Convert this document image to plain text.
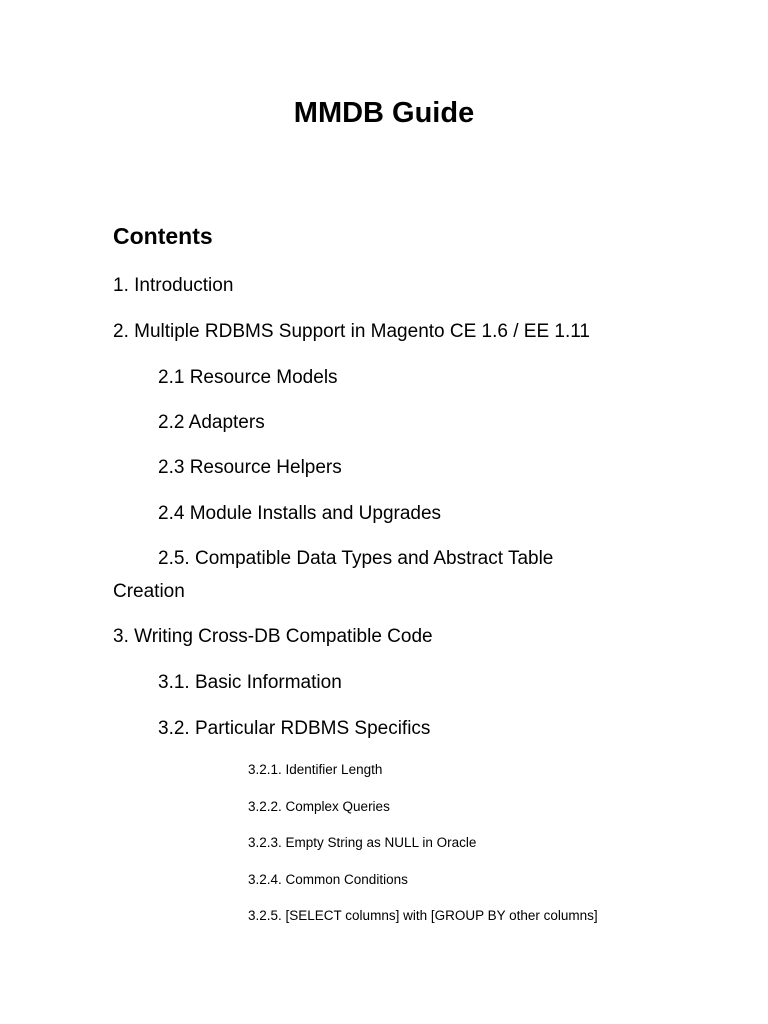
MMDB Guide
Contents

1. Introduction

2. Multiple RDBMS Support in Magento CE 1.6 / EE 1.11

2.1 Resource Models

2.2 Adapters

2.3 Resource Helpers

2.4 Module Installs and Upgrades

2.5. Compatible Data Types and Abstract Table

Creation

3. Writing Cross-DB Compatible Code

3.1. Basic Information

3.2. Particular RDBMS Specifics

3.2.1. Identifier Length

3.2.2. Complex Queries

3.2.3. Empty String as NULL in Oracle

3.2.4. Common Conditions

3.2.5. [SELECT columns] with [GROUP BY other columns]
